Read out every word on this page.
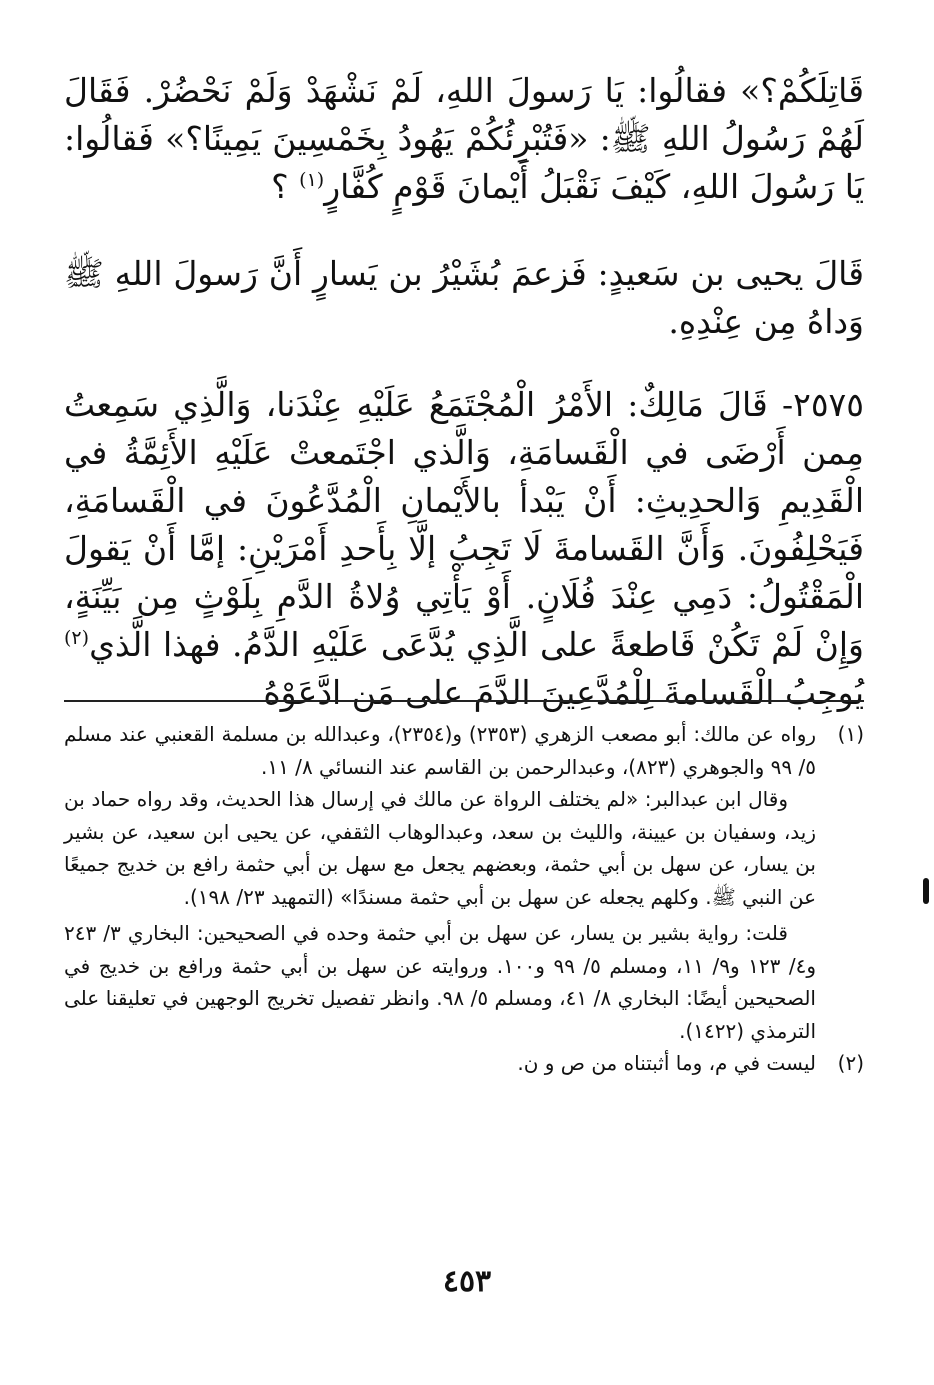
قَاتِلَكُمْ؟» فقالُوا: يَا رَسولَ اللهِ، لَمْ نَشْهَدْ وَلَمْ نَحْضُرْ. فَقَالَ لَهُمْ رَسُولُ اللهِ ﷺ: «فَتُبْرِئُكُمْ يَهُودُ بِخَمْسِينَ يَمِينًا؟» فَقالُوا: يَا رَسُولَ اللهِ، كَيْفَ نَقْبَلُ أَيْمانَ قَوْمٍ كُفَّارٍ$^{(١)}$ ؟
قَالَ يحيى بن سَعيدٍ: فَزعمَ بُشَيْرُ بن يَسارٍ أَنَّ رَسولَ اللهِ ﷺ وَداهُ مِن عِنْدِهِ.
٢٥٧٥- قَالَ مَالِكٌ: الأَمْرُ الْمُجْتَمَعُ عَلَيْهِ عِنْدَنا، وَالَّذِي سَمِعتُ مِمن أَرْضَى في الْقَسامَةِ، وَالَّذي اجْتَمعتْ عَلَيْهِ الأَئِمَّةُ في الْقَدِيمِ وَالحدِيثِ: أَنْ يَبْدأ بالأَيْمانِ الْمُدَّعُونَ في الْقَسامَةِ، فَيَحْلِفُونَ. وَأَنَّ القَسامةَ لَا تَجِبُ إلَّا بِأَحدِ أَمْرَيْنِ: إمَّا أَنْ يَقولَ الْمَقْتُولُ: دَمِي عِنْدَ فُلَانٍ. أَوْ يَأْتِي وُلاةُ الدَّمِ بِلَوْثٍ مِن بَيِّنَةٍ، وَإِنْ لَمْ تَكُنْ قَاطعةً على الَّذِي يُدَّعَى عَلَيْهِ الدَّمُ. فهذا الَّذي$^{(٢)}$ يُوجِبُ الْقَسامةَ لِلْمُدَّعِينَ الدَّمَ على مَن ادَّعَوْهُ
(١)

رواه عن مالك: أبو مصعب الزهري (٢٣٥٣) و(٢٣٥٤)، وعبدالله بن مسلمة القعنبي عند مسلم ٥/ ٩٩ والجوهري (٨٢٣)، وعبدالرحمن بن القاسم عند النسائي ٨/ ١١.

وقال ابن عبدالبر: «لم يختلف الرواة عن مالك في إرسال هذا الحديث، وقد رواه حماد بن زيد، وسفيان بن عيينة، والليث بن سعد، وعبدالوهاب الثقفي، عن يحيى ابن سعيد، عن بشير بن يسار، عن سهل بن أبي حثمة، وبعضهم يجعل مع سهل بن أبي حثمة رافع بن خديج جميعًا عن النبي ﷺ. وكلهم يجعله عن سهل بن أبي حثمة مسندًا» (التمهيد ٢٣/ ١٩٨).

قلت: رواية بشير بن يسار، عن سهل بن أبي حثمة وحده في الصحيحين: البخاري ٣/ ٢٤٣ و٤/ ١٢٣ و٩/ ١١، ومسلم ٥/ ٩٩ و١٠٠. وروايته عن سهل بن أبي حثمة ورافع بن خديج في الصحيحين أيضًا: البخاري ٨/ ٤١، ومسلم ٥/ ٩٨. وانظر تفصيل تخريج الوجهين في تعليقنا على الترمذي (١٤٢٢).

(٢)

ليست في م، وما أثبتناه من ص و ن.

٤٥٣
